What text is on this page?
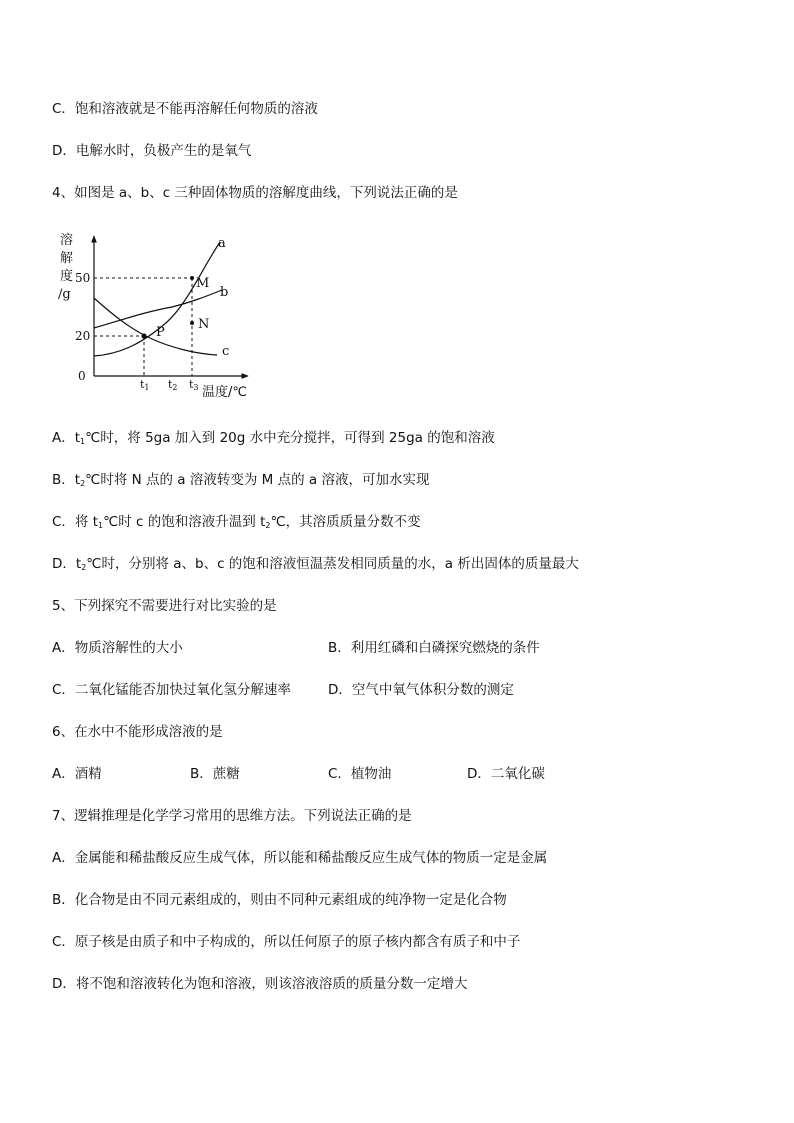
C．饱和溶液就是不能再溶解任何物质的溶液
D．电解水时，负极产生的是氧气
4、如图是 a、b、c 三种固体物质的溶解度曲线，下列说法正确的是
溶
解
度
/g
0
20
50
t1 t2 t3 温度/℃
a
b
c
P
M
N
A．$t_1℃$时，将 5ga 加入到 20g 水中充分搅拌，可得到 25ga 的饱和溶液
B．$t_2℃$时将 N 点的 a 溶液转变为 M 点的 a 溶液，可加水实现
C．将 $t_1℃$时 c 的饱和溶液升温到 $t_2℃$，其溶质质量分数不变
D．$t_2℃$时，分别将 a、b、c 的饱和溶液恒温蒸发相同质量的水，a 析出固体的质量最大
5、下列探究不需要进行对比实验的是
A．物质溶解性的大小	B．利用红磷和白磷探究燃烧的条件
C．二氧化锰能否加快过氧化氢分解速率	D．空气中氧气体积分数的测定
6、在水中不能形成溶液的是
A．酒精	B．蔗糖	C．植物油	D．二氧化碳
7、逻辑推理是化学学习常用的思维方法。下列说法正确的是
A．金属能和稀盐酸反应生成气体，所以能和稀盐酸反应生成气体的物质一定是金属
B．化合物是由不同元素组成的，则由不同种元素组成的纯净物一定是化合物
C．原子核是由质子和中子构成的，所以任何原子的原子核内都含有质子和中子
D．将不饱和溶液转化为饱和溶液，则该溶液溶质的质量分数一定增大
